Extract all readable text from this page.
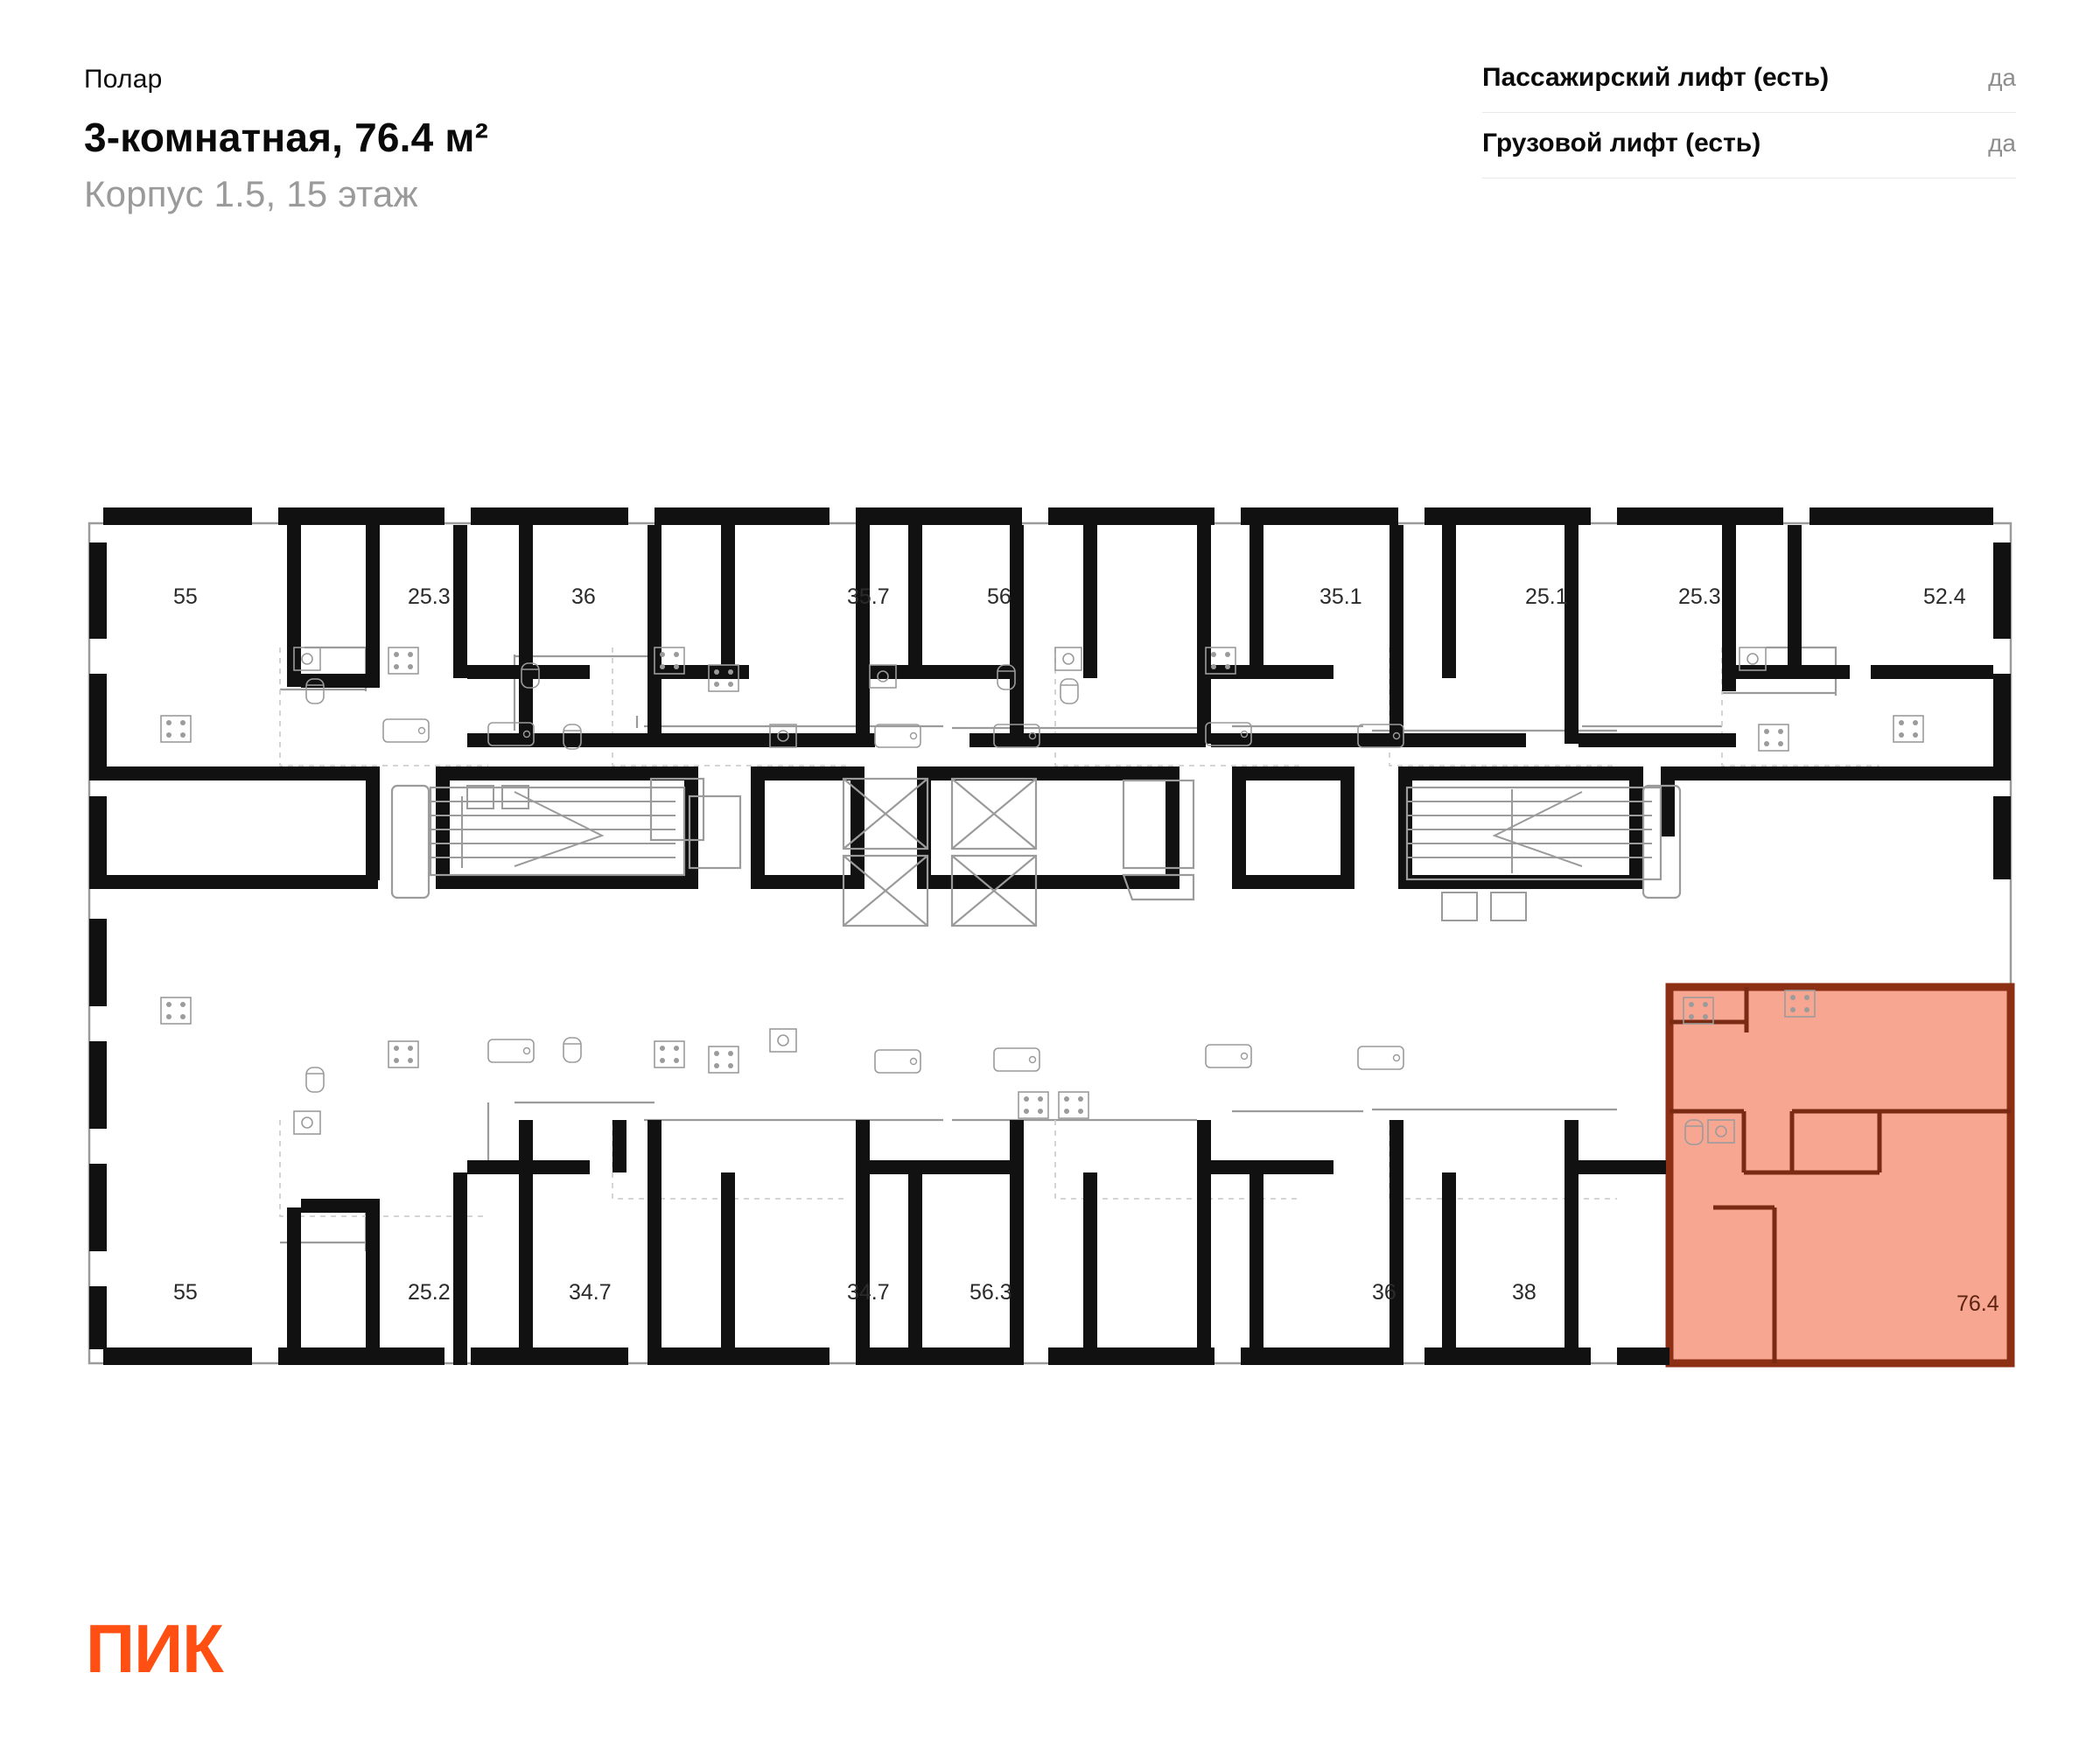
Полар
3-комнатная, 76.4 м²
Корпус 1.5, 15 этаж
Пассажирский лифт (есть)	да
Грузовой лифт (есть)	да
76.4
55	25.3	36	35.7	56	35.1	25.1	25.3	52.4
55	25.2	34.7	34.7	56.3	36	38
ПИК
